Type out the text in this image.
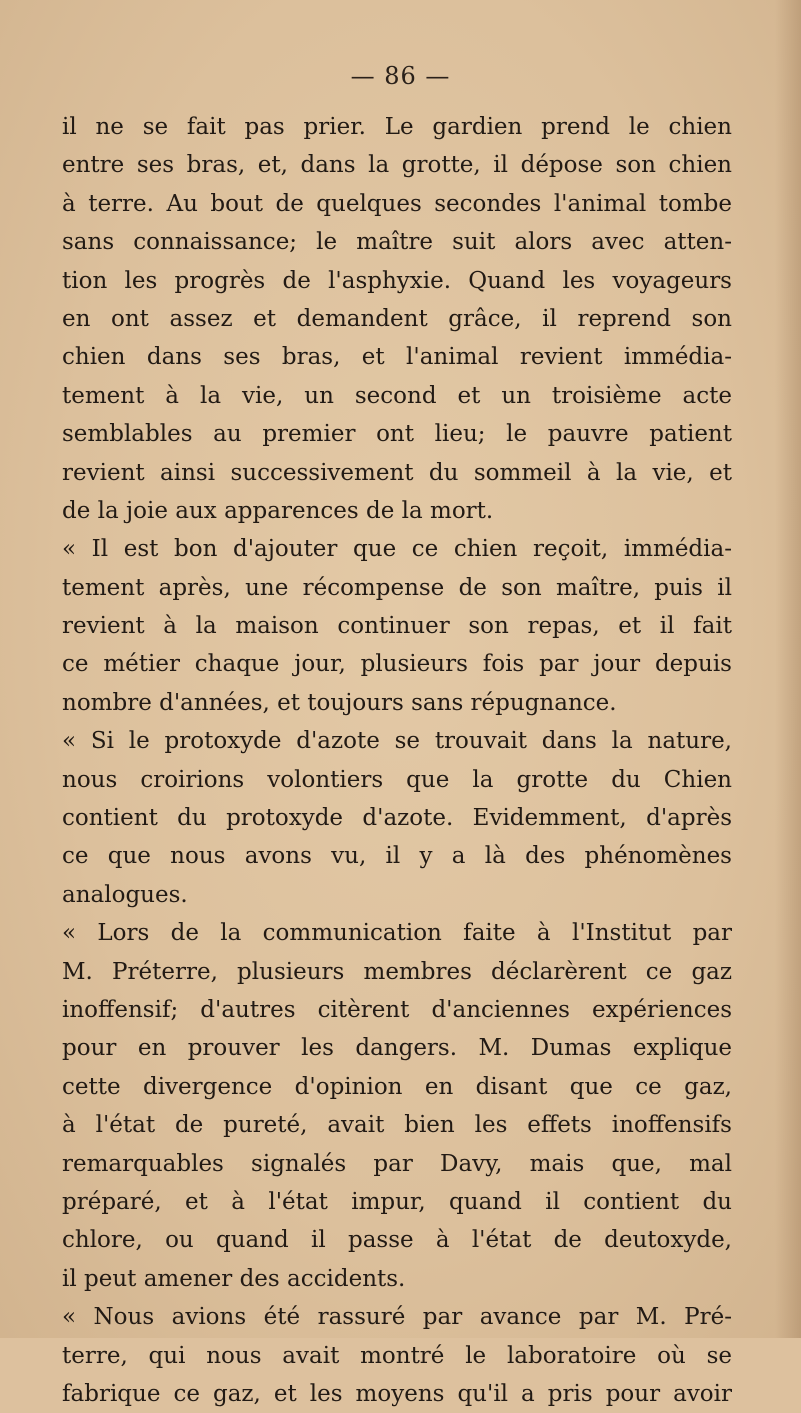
— 86 —
il ne se fait pas prier. Le gardien prend le chien
entre ses bras, et, dans la grotte, il dépose son chien
à terre. Au bout de quelques secondes l'animal tombe
sans connaissance; le maître suit alors avec atten-
tion les progrès de l'asphyxie. Quand les voyageurs
en ont assez et demandent grâce, il reprend son
chien dans ses bras, et l'animal revient immédia-
tement à la vie, un second et un troisième acte
semblables au premier ont lieu; le pauvre patient
revient ainsi successivement du sommeil à la vie, et
de la joie aux apparences de la mort.
« Il est bon d'ajouter que ce chien reçoit, immédia-
tement après, une récompense de son maître, puis il
revient à la maison continuer son repas, et il fait
ce métier chaque jour, plusieurs fois par jour depuis
nombre d'années, et toujours sans répugnance.
« Si le protoxyde d'azote se trouvait dans la nature,
nous croirions volontiers que la grotte du Chien
contient du protoxyde d'azote. Evidemment, d'après
ce que nous avons vu, il y a là des phénomènes
analogues.
« Lors de la communication faite à l'Institut par
M. Préterre, plusieurs membres déclarèrent ce gaz
inoffensif; d'autres citèrent d'anciennes expériences
pour en prouver les dangers. M. Dumas explique
cette divergence d'opinion en disant que ce gaz,
à l'état de pureté, avait bien les effets inoffensifs
remarquables signalés par Davy, mais que, mal
préparé, et à l'état impur, quand il contient du
chlore, ou quand il passe à l'état de deutoxyde,
il peut amener des accidents.
« Nous avions été rassuré par avance par M. Pré-
terre, qui nous avait montré le laboratoire où se
fabrique ce gaz, et les moyens qu'il a pris pour avoir
